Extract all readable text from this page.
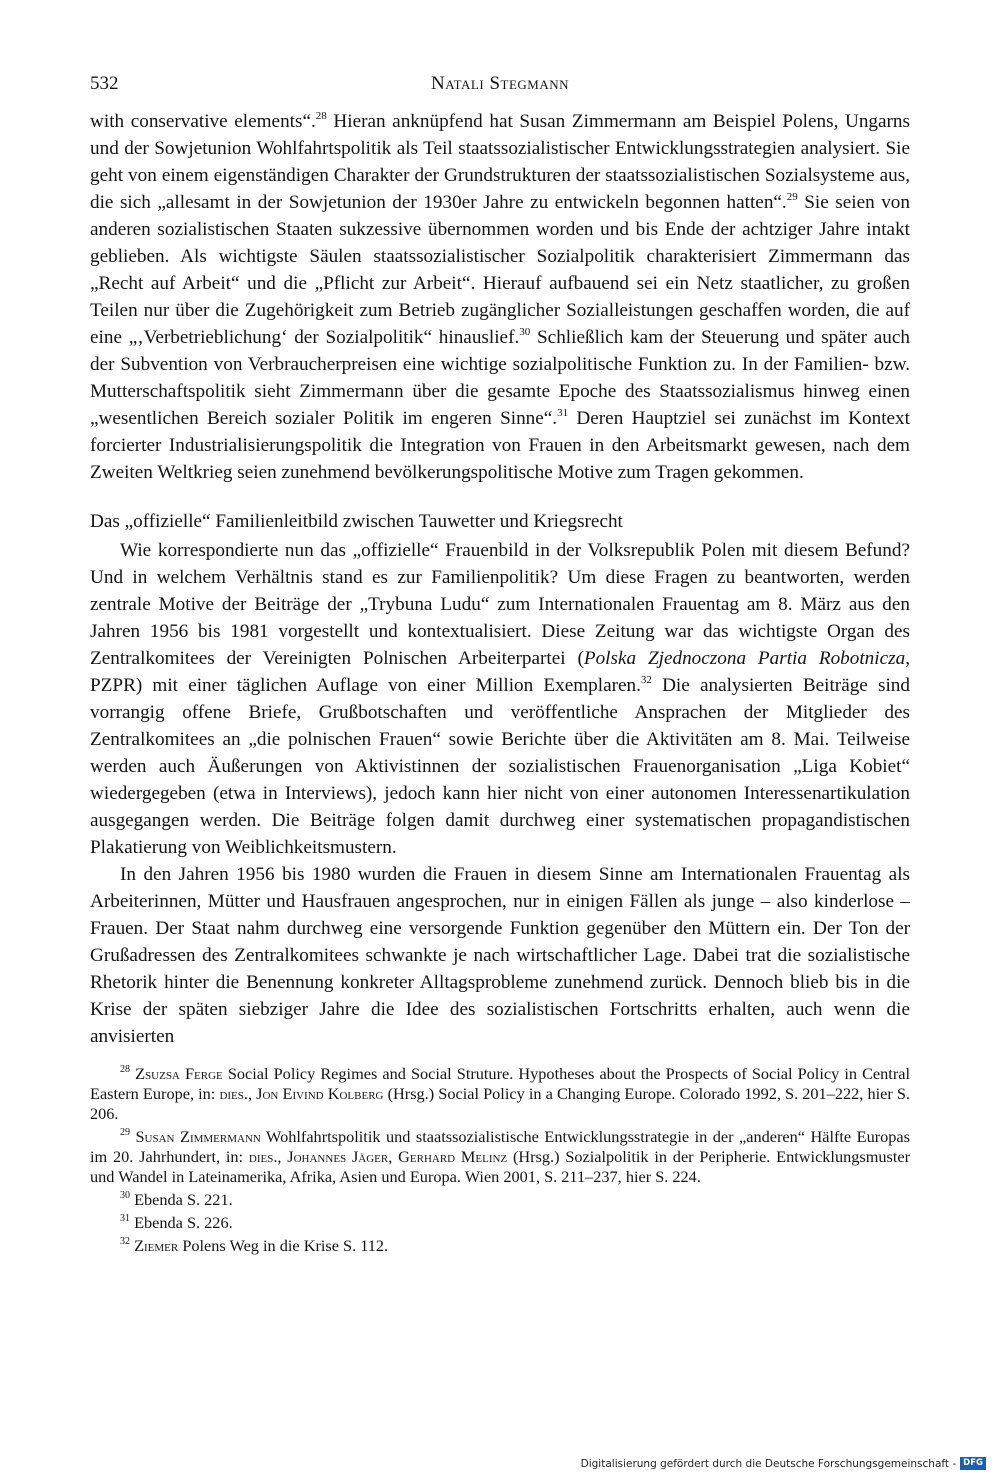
532	Natali Stegmann

with conservative elements“.$^{28}$ Hieran anknüpfend hat Susan Zimmermann am Beispiel Polens, Ungarns und der Sowjetunion Wohlfahrtspolitik als Teil staatssozialistischer Entwicklungsstrategien analysiert. Sie geht von einem eigenständigen Charakter der Grundstrukturen der staatssozialistischen Sozialsysteme aus, die sich „allesamt in der Sowjetunion der 1930er Jahre zu entwickeln begonnen hatten“.$^{29}$ Sie seien von anderen sozialistischen Staaten sukzessive übernommen worden und bis Ende der achtziger Jahre intakt geblieben. Als wichtigste Säulen staatssozialistischer Sozialpolitik charakterisiert Zimmermann das „Recht auf Arbeit“ und die „Pflicht zur Arbeit“. Hierauf aufbauend sei ein Netz staatlicher, zu großen Teilen nur über die Zugehörigkeit zum Betrieb zugänglicher Sozialleistungen geschaffen worden, die auf eine „‚Verbetrieblichung‘ der Sozialpolitik“ hinauslief.$^{30}$ Schließlich kam der Steuerung und später auch der Subvention von Verbraucherpreisen eine wichtige sozialpolitische Funktion zu. In der Familien- bzw. Mutterschaftspolitik sieht Zimmermann über die gesamte Epoche des Staatssozialismus hinweg einen „wesentlichen Bereich sozialer Politik im engeren Sinne“.$^{31}$ Deren Hauptziel sei zunächst im Kontext forcierter Industrialisierungspolitik die Integration von Frauen in den Arbeitsmarkt gewesen, nach dem Zweiten Weltkrieg seien zunehmend bevölkerungspolitische Motive zum Tragen gekommen.

Das „offizielle“ Familienleitbild zwischen Tauwetter und Kriegsrecht

Wie korrespondierte nun das „offizielle“ Frauenbild in der Volksrepublik Polen mit diesem Befund? Und in welchem Verhältnis stand es zur Familienpolitik? Um diese Fragen zu beantworten, werden zentrale Motive der Beiträge der „Trybuna Ludu“ zum Internationalen Frauentag am 8. März aus den Jahren 1956 bis 1981 vorgestellt und kontextualisiert. Diese Zeitung war das wichtigste Organ des Zentralkomitees der Vereinigten Polnischen Arbeiterpartei (Polska Zjednoczona Partia Robotnicza, PZPR) mit einer täglichen Auflage von einer Million Exemplaren.$^{32}$ Die analysierten Beiträge sind vorrangig offene Briefe, Grußbotschaften und veröffentliche Ansprachen der Mitglieder des Zentralkomitees an „die polnischen Frauen“ sowie Berichte über die Aktivitäten am 8. Mai. Teilweise werden auch Äußerungen von Aktivistinnen der sozialistischen Frauenorganisation „Liga Kobiet“ wiedergegeben (etwa in Interviews), jedoch kann hier nicht von einer autonomen Interessenartikulation ausgegangen werden. Die Beiträge folgen damit durchweg einer systematischen propagandistischen Plakatierung von Weiblichkeitsmustern.

In den Jahren 1956 bis 1980 wurden die Frauen in diesem Sinne am Internationalen Frauentag als Arbeiterinnen, Mütter und Hausfrauen angesprochen, nur in einigen Fällen als junge – also kinderlose – Frauen. Der Staat nahm durchweg eine versorgende Funktion gegenüber den Müttern ein. Der Ton der Grußadressen des Zentralkomitees schwankte je nach wirtschaftlicher Lage. Dabei trat die sozialistische Rhetorik hinter die Benennung konkreter Alltagsprobleme zunehmend zurück. Dennoch blieb bis in die Krise der späten siebziger Jahre die Idee des sozialistischen Fortschritts erhalten, auch wenn die anvisierten

$^{28}$ Zsuzsa Ferge Social Policy Regimes and Social Struture. Hypotheses about the Prospects of Social Policy in Central Eastern Europe, in: dies., Jon Eivind Kolberg (Hrsg.) Social Policy in a Changing Europe. Colorado 1992, S. 201–222, hier S. 206.

$^{29}$ Susan Zimmermann Wohlfahrtspolitik und staatssozialistische Entwicklungsstrategie in der „anderen“ Hälfte Europas im 20. Jahrhundert, in: dies., Johannes Jäger, Gerhard Melinz (Hrsg.) Sozialpolitik in der Peripherie. Entwicklungsmuster und Wandel in Lateinamerika, Afrika, Asien und Europa. Wien 2001, S. 211–237, hier S. 224.

$^{30}$ Ebenda S. 221.

$^{31}$ Ebenda S. 226.

$^{32}$ Ziemer Polens Weg in die Krise S. 112.

Digitalisierung gefördert durch die Deutsche Forschungsgemeinschaft - DFG
